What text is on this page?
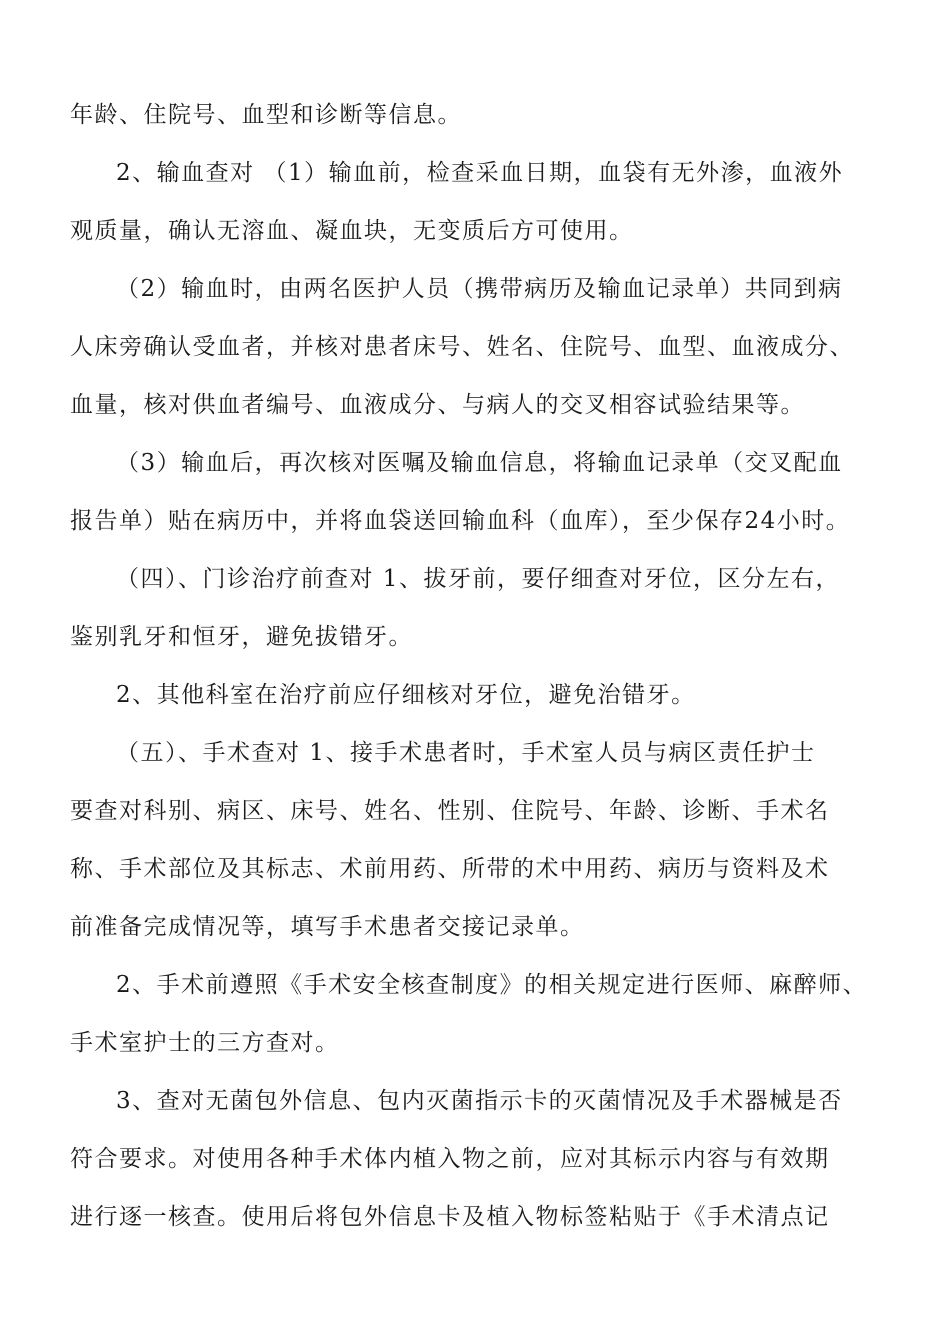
年龄、住院号、血型和诊断等信息。
2、输血查对 （1）输血前，检查采血日期，血袋有无外渗，血液外
观质量，确认无溶血、凝血块，无变质后方可使用。
（2）输血时，由两名医护人员（携带病历及输血记录单）共同到病
人床旁确认受血者，并核对患者床号、姓名、住院号、血型、血液成分、
血量，核对供血者编号、血液成分、与病人的交叉相容试验结果等。
（3）输血后，再次核对医嘱及输血信息，将输血记录单（交叉配血
报告单）贴在病历中，并将血袋送回输血科（血库），至少保存24小时。
（四）、门诊治疗前查对 1、拔牙前，要仔细查对牙位，区分左右，
鉴别乳牙和恒牙，避免拔错牙。
2、其他科室在治疗前应仔细核对牙位，避免治错牙。
（五）、手术查对 1、接手术患者时，手术室人员与病区责任护士
要查对科别、病区、床号、姓名、性别、住院号、年龄、诊断、手术名
称、手术部位及其标志、术前用药、所带的术中用药、病历与资料及术
前准备完成情况等，填写手术患者交接记录单。
2、手术前遵照《手术安全核查制度》的相关规定进行医师、麻醉师、
手术室护士的三方查对。
3、查对无菌包外信息、包内灭菌指示卡的灭菌情况及手术器械是否
符合要求。对使用各种手术体内植入物之前，应对其标示内容与有效期
进行逐一核查。使用后将包外信息卡及植入物标签粘贴于《手术清点记
